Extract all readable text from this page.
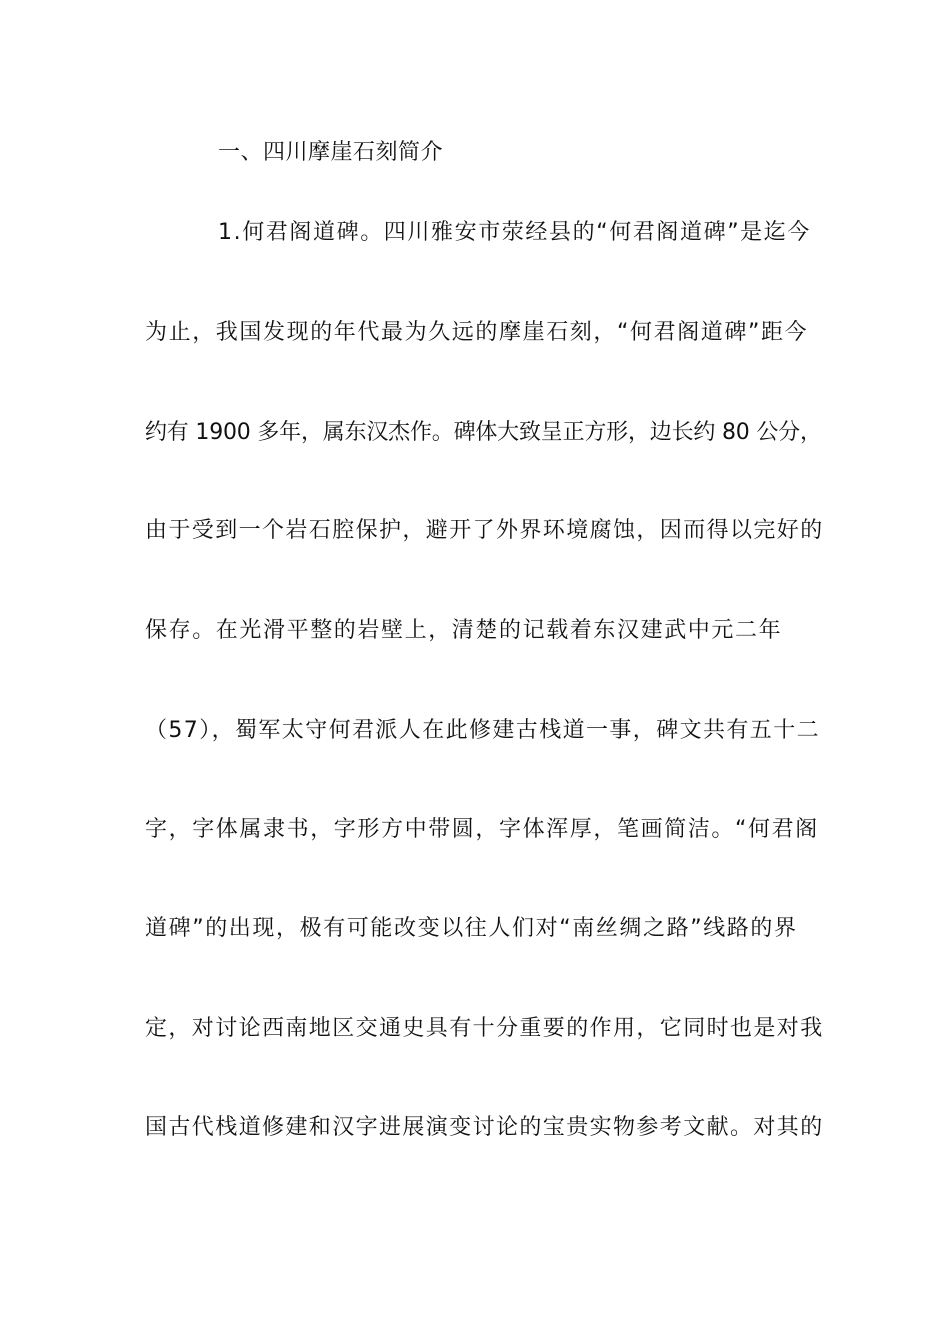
一、四川摩崖石刻简介
1.何君阁道碑。四川雅安市荥经县的“何君阁道碑”是迄今
为止，我国发现的年代最为久远的摩崖石刻，“何君阁道碑”距今
约有 1900 多年，属东汉杰作。碑体大致呈正方形，边长约 80 公分，
由于受到一个岩石腔保护，避开了外界环境腐蚀，因而得以完好的
保存。在光滑平整的岩壁上，清楚的记载着东汉建武中元二年
（57），蜀军太守何君派人在此修建古栈道一事，碑文共有五十二
字，字体属隶书，字形方中带圆，字体浑厚，笔画简洁。“何君阁
道碑”的出现，极有可能改变以往人们对“南丝绸之路”线路的界
定，对讨论西南地区交通史具有十分重要的作用，它同时也是对我
国古代栈道修建和汉字进展演变讨论的宝贵实物参考文献。对其的
